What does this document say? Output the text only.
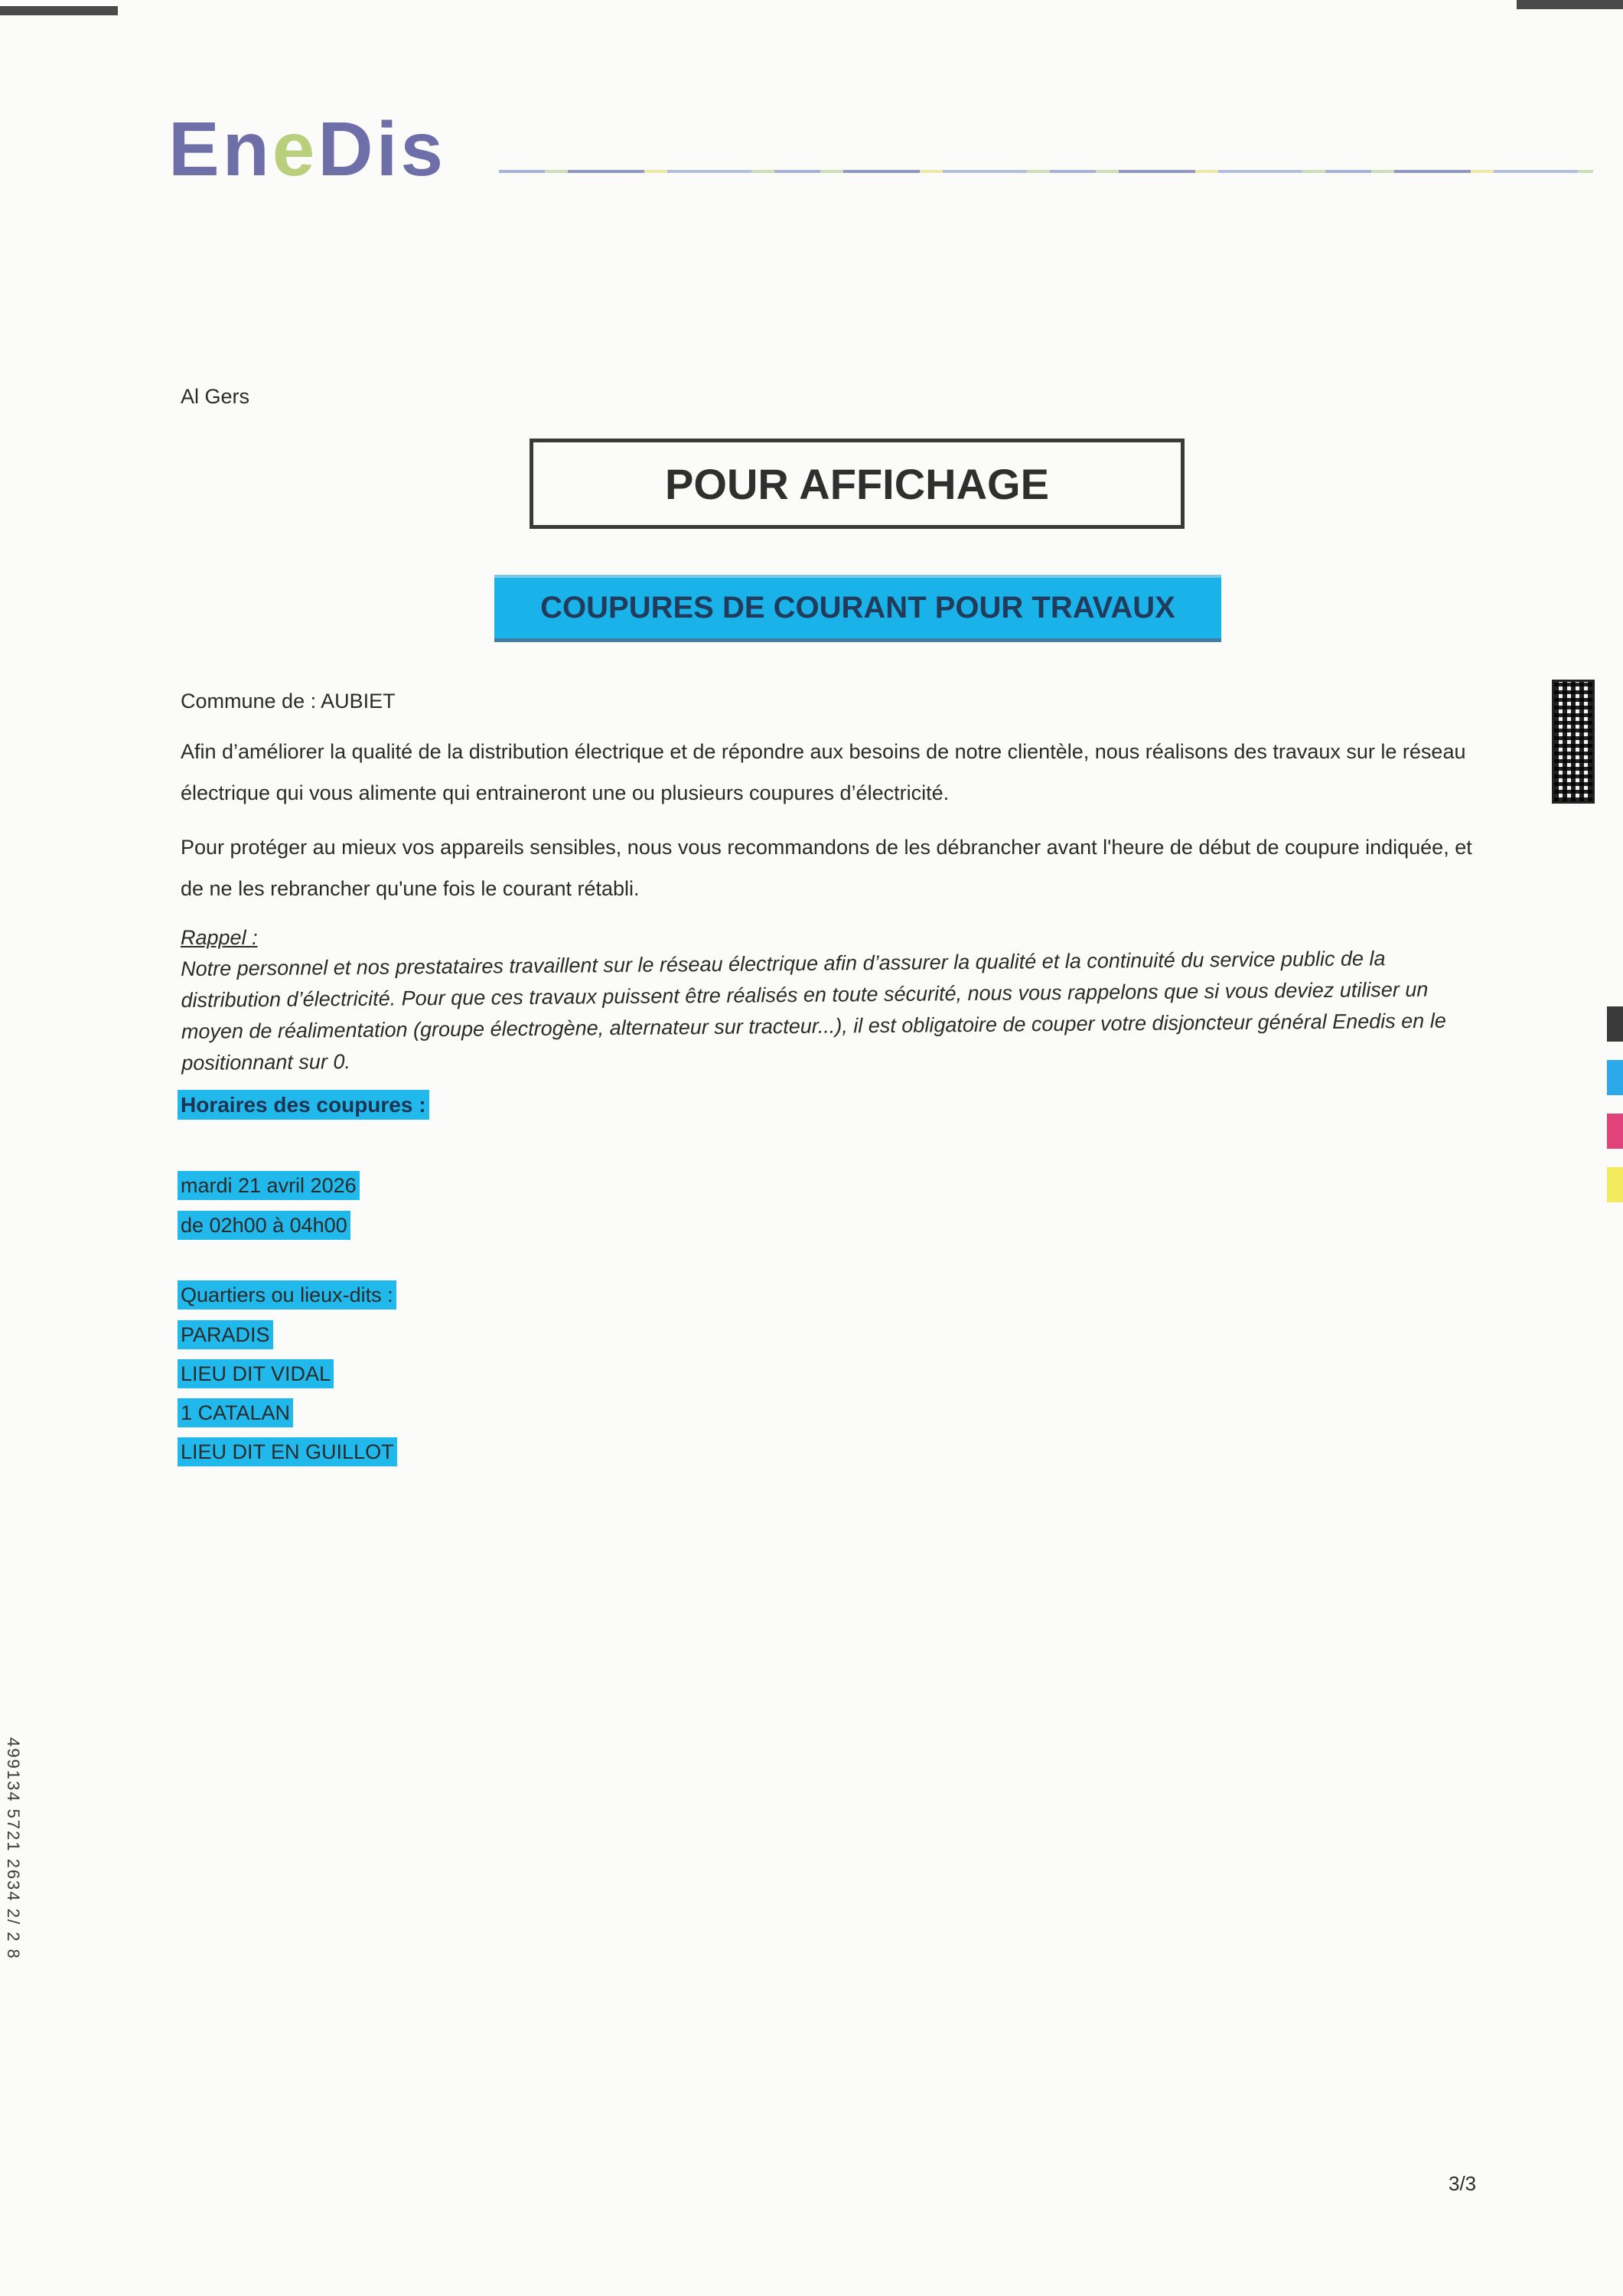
EneDis
Al Gers
POUR AFFICHAGE
COUPURES DE COURANT POUR TRAVAUX
Commune de : AUBIET
Afin d’améliorer la qualité de la distribution électrique et de répondre aux besoins de notre clientèle, nous réalisons des travaux sur le réseau électrique qui vous alimente qui entraineront une ou plusieurs coupures d’électricité.
Pour protéger au mieux vos appareils sensibles, nous vous recommandons de les débrancher avant l'heure de début de coupure indiquée, et de ne les rebrancher qu'une fois le courant rétabli.
Rappel :
Notre personnel et nos prestataires travaillent sur le réseau électrique afin d’assurer la qualité et la continuité du service public de la distribution d’électricité. Pour que ces travaux puissent être réalisés en toute sécurité, nous vous rappelons que si vous deviez utiliser un moyen de réalimentation (groupe électrogène, alternateur sur tracteur...), il est obligatoire de couper votre disjoncteur général Enedis en le positionnant sur 0.
Horaires des coupures :
mardi 21 avril 2026
de 02h00 à 04h00
Quartiers ou lieux-dits :
PARADIS
LIEU DIT VIDAL
1 CATALAN
LIEU DIT EN GUILLOT
499134 5721 2634 2/ 2 8
3/3
